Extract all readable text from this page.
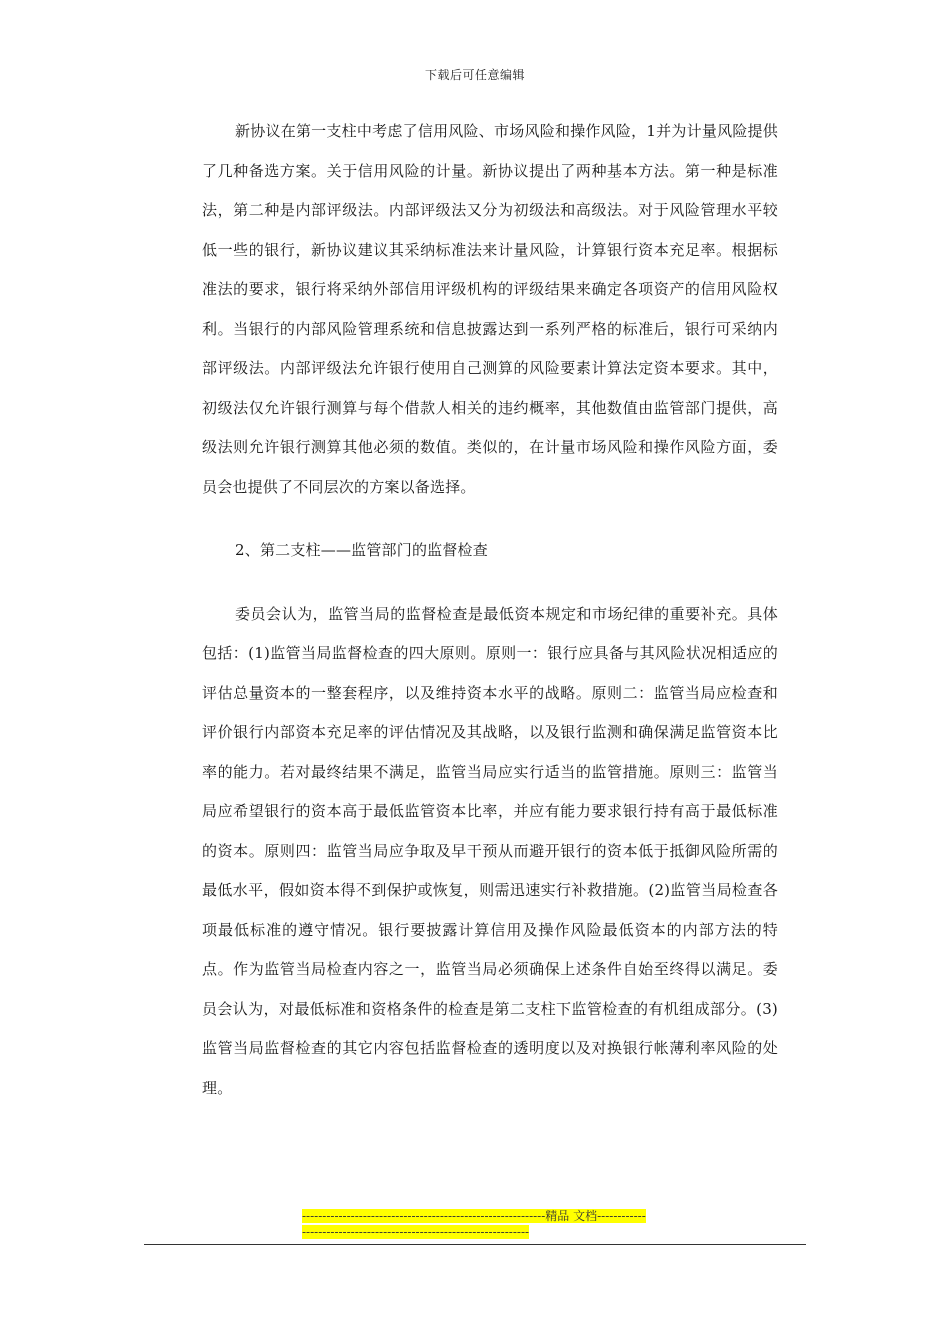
下载后可任意编辑

新协议在第一支柱中考虑了信用风险、市场风险和操作风险，1并为计量风险提供了几种备选方案。关于信用风险的计量。新协议提出了两种基本方法。第一种是标准法，第二种是内部评级法。内部评级法又分为初级法和高级法。对于风险管理水平较低一些的银行，新协议建议其采纳标准法来计量风险，计算银行资本充足率。根据标准法的要求，银行将采纳外部信用评级机构的评级结果来确定各项资产的信用风险权利。当银行的内部风险管理系统和信息披露达到一系列严格的标准后，银行可采纳内部评级法。内部评级法允许银行使用自己测算的风险要素计算法定资本要求。其中，初级法仅允许银行测算与每个借款人相关的违约概率，其他数值由监管部门提供，高级法则允许银行测算其他必须的数值。类似的，在计量市场风险和操作风险方面，委员会也提供了不同层次的方案以备选择。

2、第二支柱——监管部门的监督检查

委员会认为，监管当局的监督检查是最低资本规定和市场纪律的重要补充。具体包括：(1)监管当局监督检查的四大原则。原则一：银行应具备与其风险状况相适应的评估总量资本的一整套程序，以及维持资本水平的战略。原则二：监管当局应检查和评价银行内部资本充足率的评估情况及其战略，以及银行监测和确保满足监管资本比率的能力。若对最终结果不满足，监管当局应实行适当的监管措施。原则三：监管当局应希望银行的资本高于最低监管资本比率，并应有能力要求银行持有高于最低标准的资本。原则四：监管当局应争取及早干预从而避开银行的资本低于抵御风险所需的最低水平，假如资本得不到保护或恢复，则需迅速实行补救措施。(2)监管当局检查各项最低标准的遵守情况。银行要披露计算信用及操作风险最低资本的内部方法的特点。作为监管当局检查内容之一，监管当局必须确保上述条件自始至终得以满足。委员会认为，对最低标准和资格条件的检查是第二支柱下监管检查的有机组成部分。(3)监管当局监督检查的其它内容包括监督检查的透明度以及对换银行帐薄利率风险的处理。

------------------------------------------------------------精品 文档--------------------------------------------------------------------
